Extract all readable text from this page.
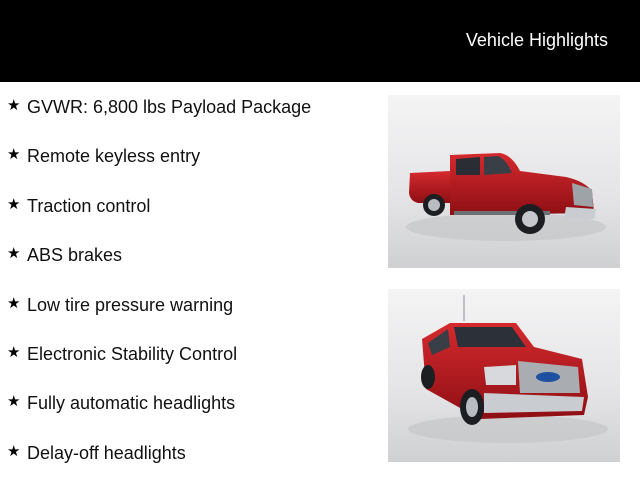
Vehicle Highlights
★ GVWR: 6,800 lbs Payload Package
★ Remote keyless entry
★ Traction control
★ ABS brakes
★ Low tire pressure warning
★ Electronic Stability Control
★ Fully automatic headlights
★ Delay-off headlights
